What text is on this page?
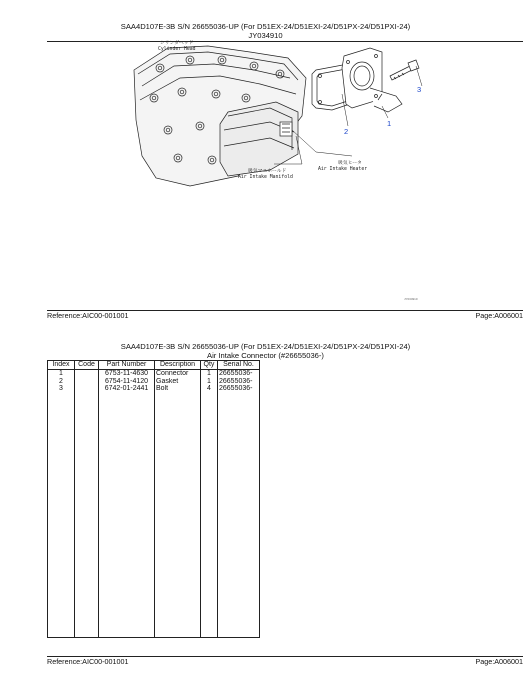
SAA4D107E-3B S/N 26655036-UP (For D51EX-24/D51EXI-24/D51PX-24/D51PXI-24)
JY034910
1
2
3
シリンダヘッド
Cylinder Head
吸気ヒータ
Air Intake Heater
吸気マニホールド
Air Intake Manifold
JY034910
Reference:AIC00-001001	Page:A006001
SAA4D107E-3B S/N 26655036-UP (For D51EX-24/D51EXI-24/D51PX-24/D51PXI-24)
Air Intake Connector (#26655036-)
Index	Code	Part Number	Description	Qty	Serial No.
1		6753-11-4630	Connector	1	26655036-
2		6754-11-4120	Gasket	1	26655036-
3		6742-01-2441	Bolt	4	26655036-

Reference:AIC00-001001	Page:A006001
